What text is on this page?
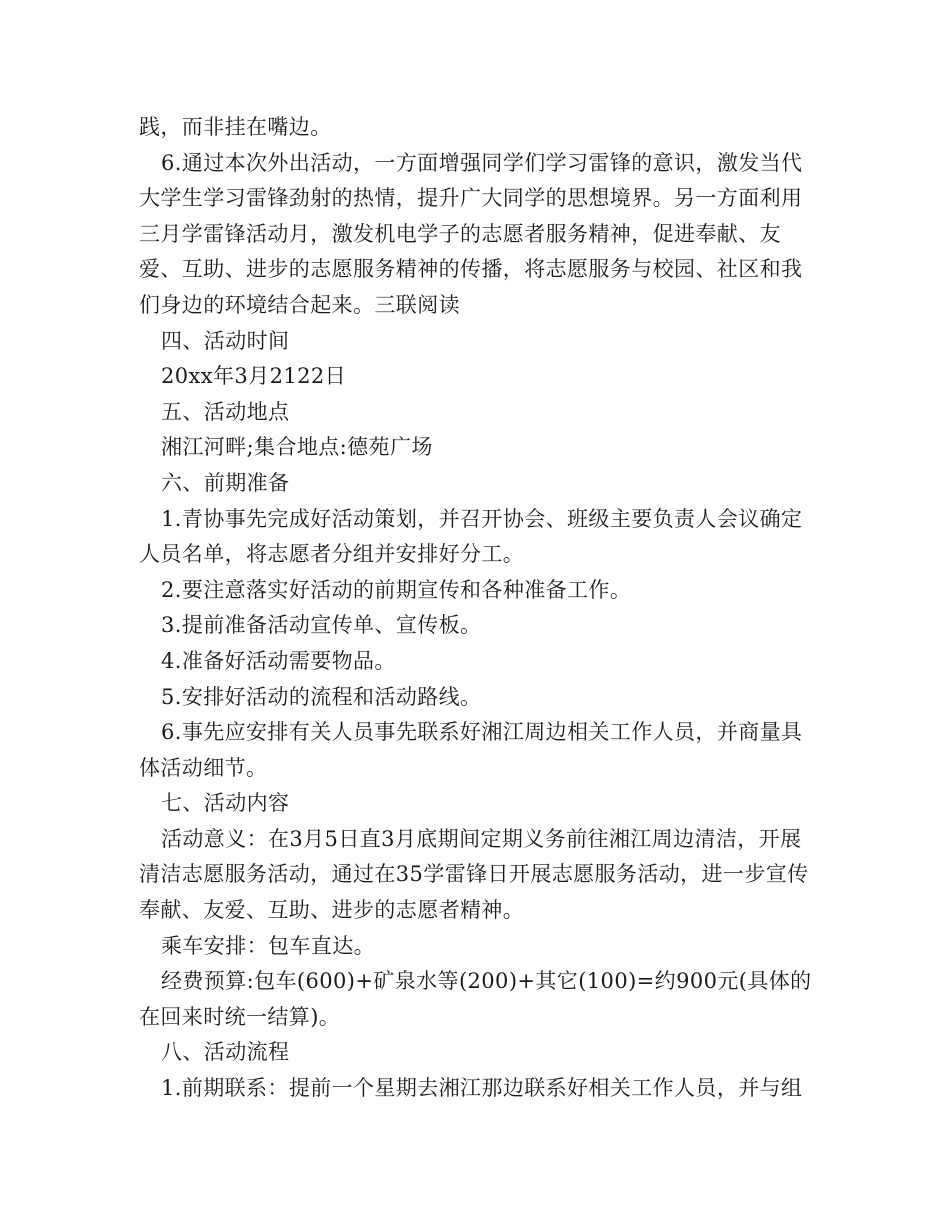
践，而非挂在嘴边。

6.通过本次外出活动，一方面增强同学们学习雷锋的意识，激发当代大学生学习雷锋劲射的热情，提升广大同学的思想境界。另一方面利用三月学雷锋活动月，激发机电学子的志愿者服务精神，促进奉献、友爱、互助、进步的志愿服务精神的传播，将志愿服务与校园、社区和我们身边的环境结合起来。三联阅读

四、活动时间

20xx年3月2122日

五、活动地点

湘江河畔;集合地点:德苑广场

六、前期准备

1.青协事先完成好活动策划，并召开协会、班级主要负责人会议确定人员名单，将志愿者分组并安排好分工。

2.要注意落实好活动的前期宣传和各种准备工作。

3.提前准备活动宣传单、宣传板。

4.准备好活动需要物品。

5.安排好活动的流程和活动路线。

6.事先应安排有关人员事先联系好湘江周边相关工作人员，并商量具体活动细节。

七、活动内容

活动意义：在3月5日直3月底期间定期义务前往湘江周边清洁，开展清洁志愿服务活动，通过在35学雷锋日开展志愿服务活动，进一步宣传奉献、友爱、互助、进步的志愿者精神。

乘车安排：包车直达。

经费预算:包车(600)+矿泉水等(200)+其它(100)=约900元(具体的在回来时统一结算)。

八、活动流程

1.前期联系：提前一个星期去湘江那边联系好相关工作人员，并与组
